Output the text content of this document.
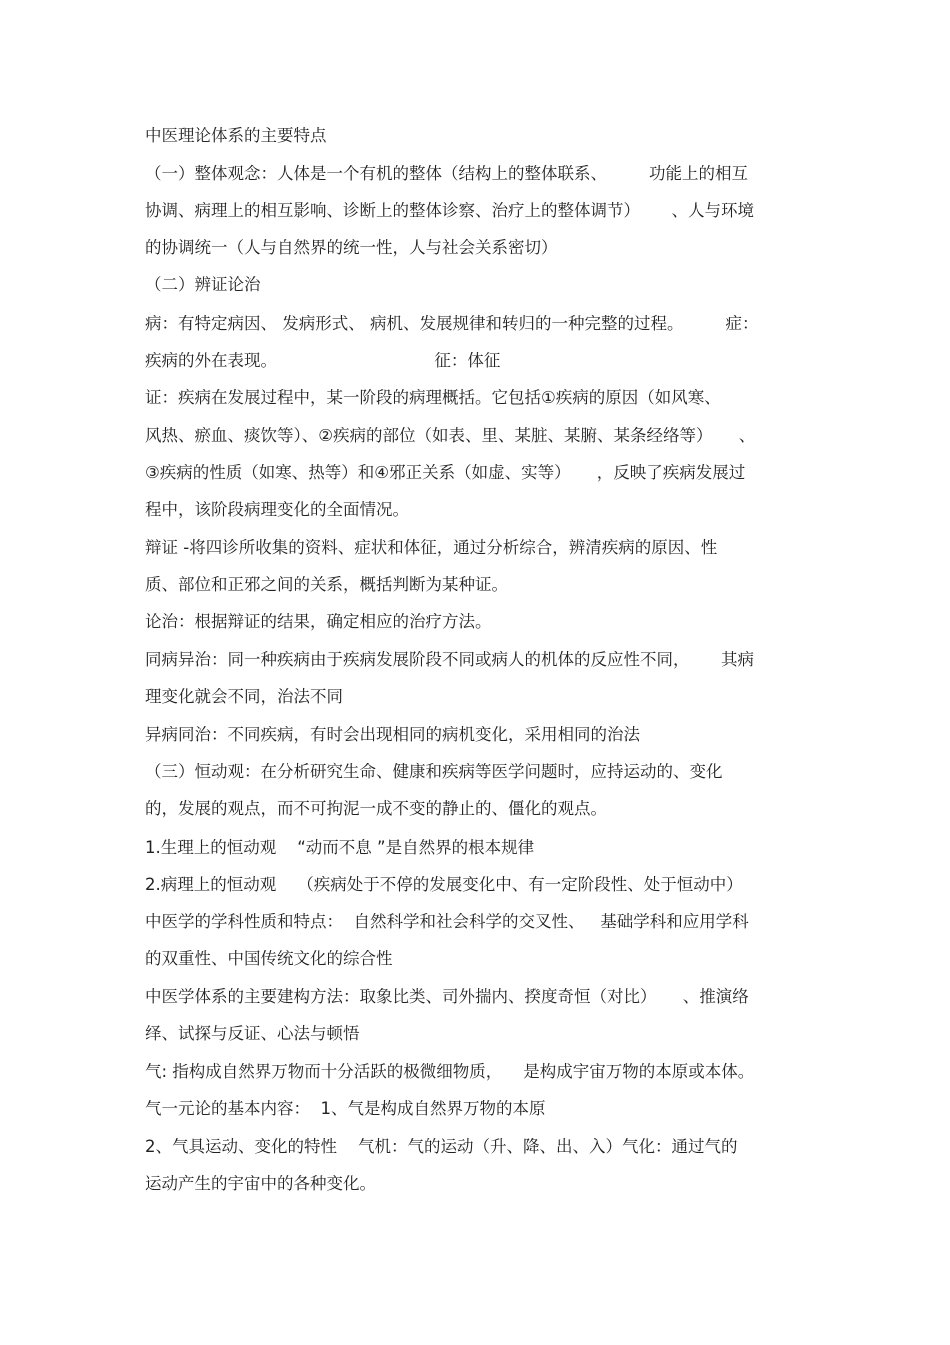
中医理论体系的主要特点
（一）整体观念：人体是一个有机的整体（结构上的整体联系、        功能上的相互
协调、病理上的相互影响、诊断上的整体诊察、治疗上的整体调节）      、人与环境
的协调统一（人与自然界的统一性，人与社会关系密切）
（二）辨证论治
病：有特定病因、 发病形式、 病机、发展规律和转归的一种完整的过程。        症：
疾病的外在表现。                              征：体征
证：疾病在发展过程中，某一阶段的病理概括。它包括①疾病的原因（如风寒、
风热、瘀血、痰饮等）、②疾病的部位（如表、里、某脏、某腑、某条经络等）     、
③疾病的性质（如寒、热等）和④邪正关系（如虚、实等）     ，反映了疾病发展过
程中，该阶段病理变化的全面情况。
辩证 -将四诊所收集的资料、症状和体征，通过分析综合，辨清疾病的原因、性
质、部位和正邪之间的关系，概括判断为某种证。
论治：根据辩证的结果，确定相应的治疗方法。
同病异治：同一种疾病由于疾病发展阶段不同或病人的机体的反应性不同，      其病
理变化就会不同，治法不同
异病同治：不同疾病，有时会出现相同的病机变化，采用相同的治法
（三）恒动观：在分析研究生命、健康和疾病等医学问题时，应持运动的、变化
的，发展的观点，而不可拘泥一成不变的静止的、僵化的观点。
1.生理上的恒动观    “动而不息 ”是自然界的根本规律
2.病理上的恒动观    （疾病处于不停的发展变化中、有一定阶段性、处于恒动中）
中医学的学科性质和特点：  自然科学和社会科学的交叉性、   基础学科和应用学科
的双重性、中国传统文化的综合性
中医学体系的主要建构方法：取象比类、司外揣内、揆度奇恒（对比）     、推演络
绎、试探与反证、心法与顿悟
气: 指构成自然界万物而十分活跃的极微细物质，    是构成宇宙万物的本原或本体。
气一元论的基本内容：  1、气是构成自然界万物的本原
2、气具运动、变化的特性    气机：气的运动（升、降、出、入）气化：通过气的
运动产生的宇宙中的各种变化。
